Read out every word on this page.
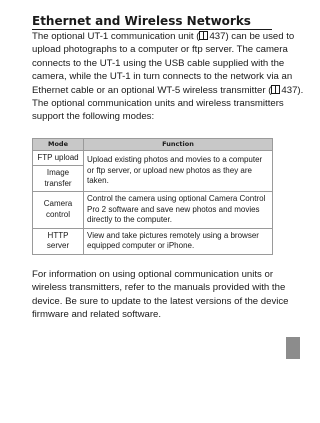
Ethernet and Wireless Networks
The optional UT-1 communication unit ( 437) can be used to
upload photographs to a computer or ftp server. The camera
connects to the UT-1 using the USB cable supplied with the
camera, while the UT-1 in turn connects to the network via an
Ethernet cable or an optional WT-5 wireless transmitter ( 437).
The optional communication units and wireless transmitters
support the following modes:
Mode	Function
FTP upload	Upload existing photos and movies to a computer or ftp server, or upload new photos as they are taken.
Image transfer	
Camera control	Control the camera using optional Camera Control Pro 2 software and save new photos and movies directly to the computer.
HTTP server	View and take pictures remotely using a browser equipped computer or iPhone.
For information on using optional communication units or
wireless transmitters, refer to the manuals provided with the
device. Be sure to update to the latest versions of the device
firmware and related software.
